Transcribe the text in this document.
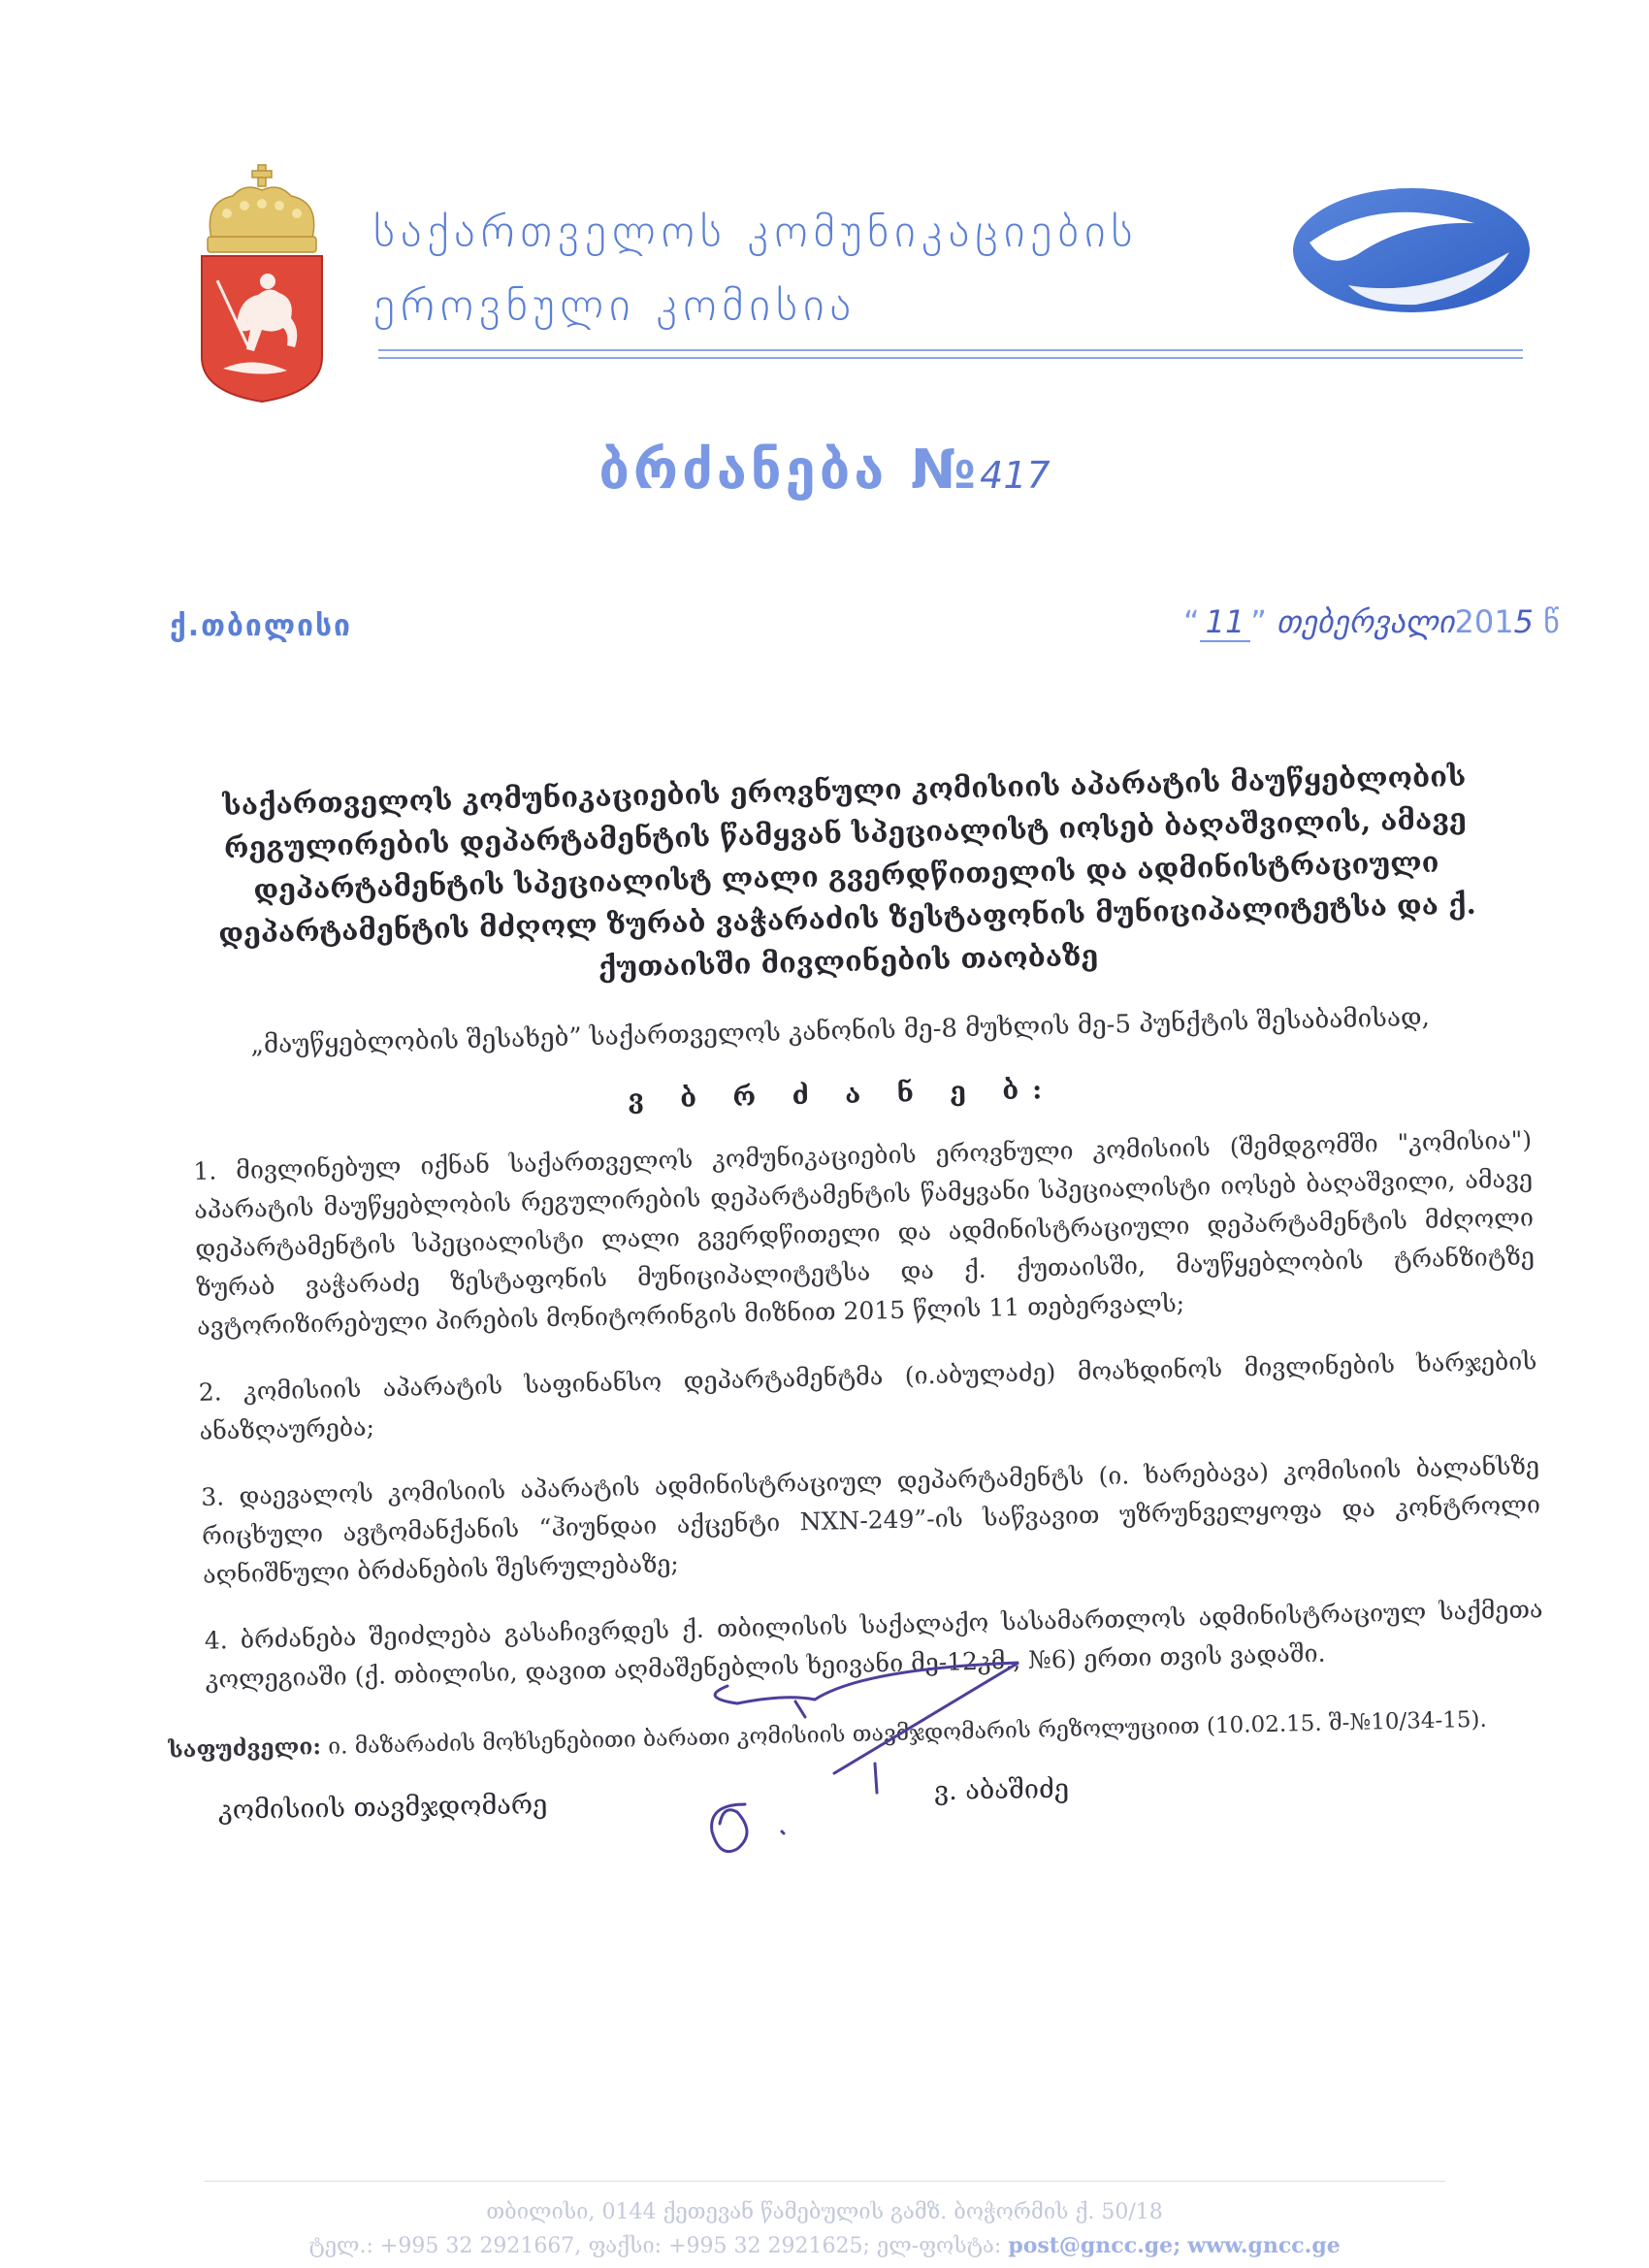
საქართველოს კომუნიკაციების
ეროვნული კომისია
ბრძანება №417
ქ.თბილისი	“ 11 ” თებერვალი2015 წ
საქართველოს კომუნიკაციების ეროვნული კომისიის აპარატის მაუწყებლობის რეგულირების დეპარტამენტის წამყვან სპეციალისტ იოსებ ბაღაშვილის, ამავე დეპარტამენტის სპეციალისტ ლალი გვერდწითელის და ადმინისტრაციული დეპარტამენტის მძღოლ ზურაბ ვაჭარაძის ზესტაფონის მუნიციპალიტეტსა და ქ. ქუთაისში მივლინების თაობაზე
„მაუწყებლობის შესახებ” საქართველოს კანონის მე-8 მუხლის მე-5 პუნქტის შესაბამისად,
ვ ბ რ ძ ა ნ ე ბ:
1. მივლინებულ იქნან საქართველოს კომუნიკაციების ეროვნული კომისიის (შემდგომში "კომისია") აპარატის მაუწყებლობის რეგულირების დეპარტამენტის წამყვანი სპეციალისტი იოსებ ბაღაშვილი, ამავე დეპარტამენტის სპეციალისტი ლალი გვერდწითელი და ადმინისტრაციული დეპარტამენტის მძღოლი ზურაბ ვაჭარაძე ზესტაფონის მუნიციპალიტეტსა და ქ. ქუთაისში, მაუწყებლობის ტრანზიტზე ავტორიზირებული პირების მონიტორინგის მიზნით 2015 წლის 11 თებერვალს;
2. კომისიის აპარატის საფინანსო დეპარტამენტმა (ი.აბულაძე) მოახდინოს მივლინების ხარჯების ანაზღაურება;
3. დაევალოს კომისიის აპარატის ადმინისტრაციულ დეპარტამენტს (ი. ხარებავა) კომისიის ბალანსზე რიცხული ავტომანქანის “ჰიუნდაი აქცენტი NXN-249”-ის საწვავით უზრუნველყოფა და კონტროლი აღნიშნული ბრძანების შესრულებაზე;
4. ბრძანება შეიძლება გასაჩივრდეს ქ. თბილისის საქალაქო სასამართლოს ადმინისტრაციულ საქმეთა კოლეგიაში (ქ. თბილისი, დავით აღმაშენებლის ხეივანი მე-12კმ., №6) ერთი თვის ვადაში.
საფუძველი: ი. მაზარაძის მოხსენებითი ბარათი კომისიის თავმჯდომარის რეზოლუციით (10.02.15. შ-№10/34-15).
კომისიის თავმჯდომარე	ვ. აბაშიძე
თბილისი, 0144 ქეთევან წამებულის გამზ. ბოჭორმის ქ. 50/18
ტელ.: +995 32 2921667, ფაქსი: +995 32 2921625; ელ-ფოსტა: post@gncc.ge; www.gncc.ge
